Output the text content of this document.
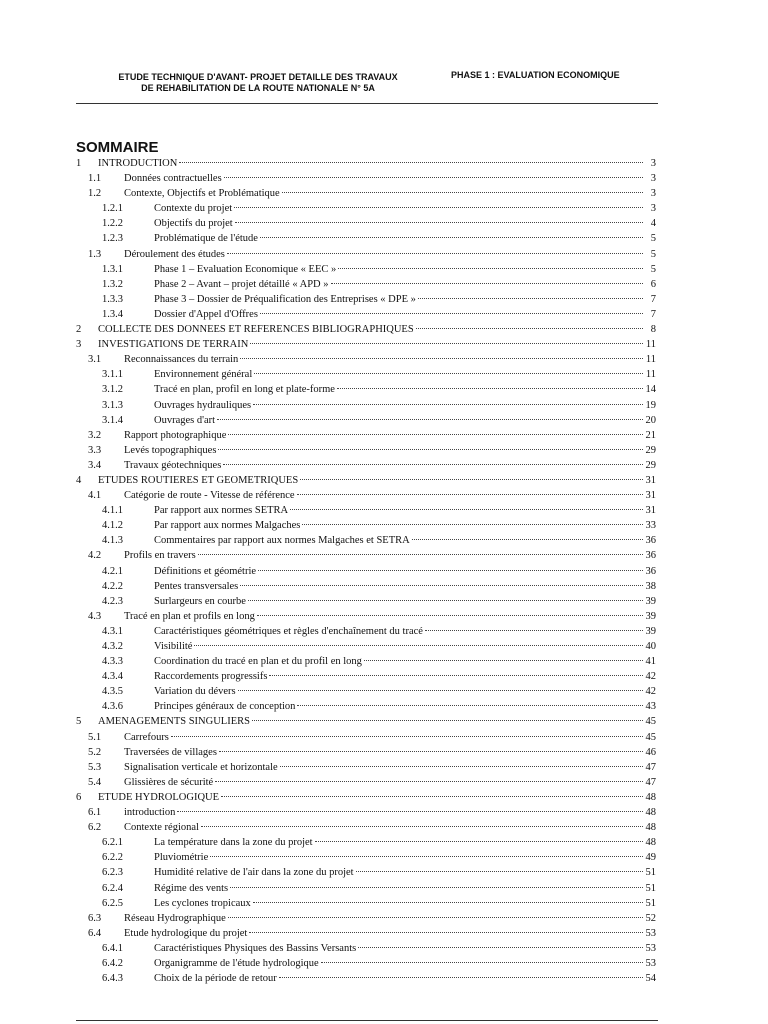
ETUDE TECHNIQUE D'AVANT- PROJET DETAILLE DES TRAVAUX
DE REHABILITATION DE LA ROUTE NATIONALE N° 5A
PHASE 1 : EVALUATION ECONOMIQUE
SOMMAIRE
1	INTRODUCTION	3
1.1	Données contractuelles	3
1.2	Contexte, Objectifs et Problématique	3
1.2.1	Contexte du projet	3
1.2.2	Objectifs du projet	4
1.2.3	Problématique de l'étude	5
1.3	Déroulement des études	5
1.3.1	Phase 1 – Evaluation Economique « EEC »	5
1.3.2	Phase 2 – Avant – projet détaillé « APD »	6
1.3.3	Phase 3 – Dossier de Préqualification des Entreprises « DPE »	7
1.3.4	Dossier d'Appel d'Offres	7
2	COLLECTE DES DONNEES ET REFERENCES BIBLIOGRAPHIQUES	8
3	INVESTIGATIONS DE TERRAIN	11
3.1	Reconnaissances du terrain	11
3.1.1	Environnement général	11
3.1.2	Tracé en plan, profil en long et plate-forme	14
3.1.3	Ouvrages hydrauliques	19
3.1.4	Ouvrages d'art	20
3.2	Rapport photographique	21
3.3	Levés topographiques	29
3.4	Travaux géotechniques	29
4	ETUDES ROUTIERES ET GEOMETRIQUES	31
4.1	Catégorie de route - Vitesse de référence	31
4.1.1	Par rapport aux normes SETRA	31
4.1.2	Par rapport aux normes Malgaches	33
4.1.3	Commentaires par rapport aux normes Malgaches et SETRA	36
4.2	Profils en travers	36
4.2.1	Définitions et géométrie	36
4.2.2	Pentes transversales	38
4.2.3	Surlargeurs en courbe	39
4.3	Tracé en plan et profils en long	39
4.3.1	Caractéristiques géométriques et règles d'enchaînement du tracé	39
4.3.2	Visibilité	40
4.3.3	Coordination du tracé en plan et du profil en long	41
4.3.4	Raccordements progressifs	42
4.3.5	Variation du dévers	42
4.3.6	Principes généraux de conception	43
5	AMENAGEMENTS SINGULIERS	45
5.1	Carrefours	45
5.2	Traversées de villages	46
5.3	Signalisation verticale et horizontale	47
5.4	Glissières de sécurité	47
6	ETUDE HYDROLOGIQUE	48
6.1	introduction	48
6.2	Contexte régional	48
6.2.1	La température dans la zone du projet	48
6.2.2	Pluviométrie	49
6.2.3	Humidité relative de l'air dans la zone du projet	51
6.2.4	Régime des vents	51
6.2.5	Les cyclones tropicaux	51
6.3	Réseau Hydrographique	52
6.4	Etude hydrologique du projet	53
6.4.1	Caractéristiques Physiques des Bassins Versants	53
6.4.2	Organigramme de l'étude hydrologique	53
6.4.3	Choix de la période de retour	54
